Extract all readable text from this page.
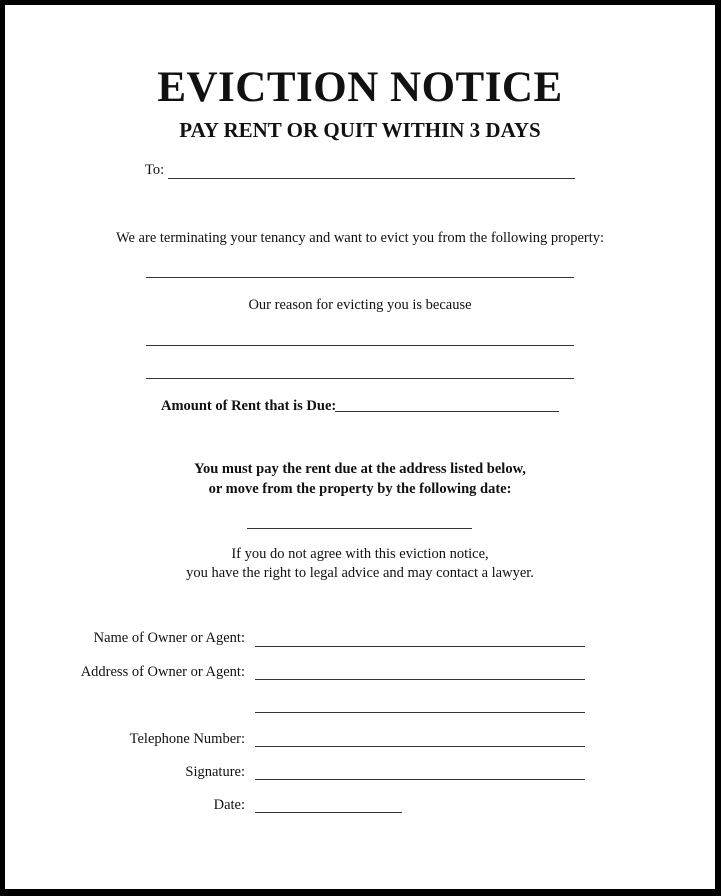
EVICTION NOTICE
PAY RENT OR QUIT WITHIN 3 DAYS
To:
We are terminating your tenancy and want to evict you from the following property:
Our reason for evicting you is because
Amount of Rent that is Due:
You must pay the rent due at the address listed below,
or move from the property by the following date:
If you do not agree with this eviction notice,
you have the right to legal advice and may contact a lawyer.
Name of Owner or Agent:
Address of Owner or Agent:
Telephone Number:
Signature:
Date:
